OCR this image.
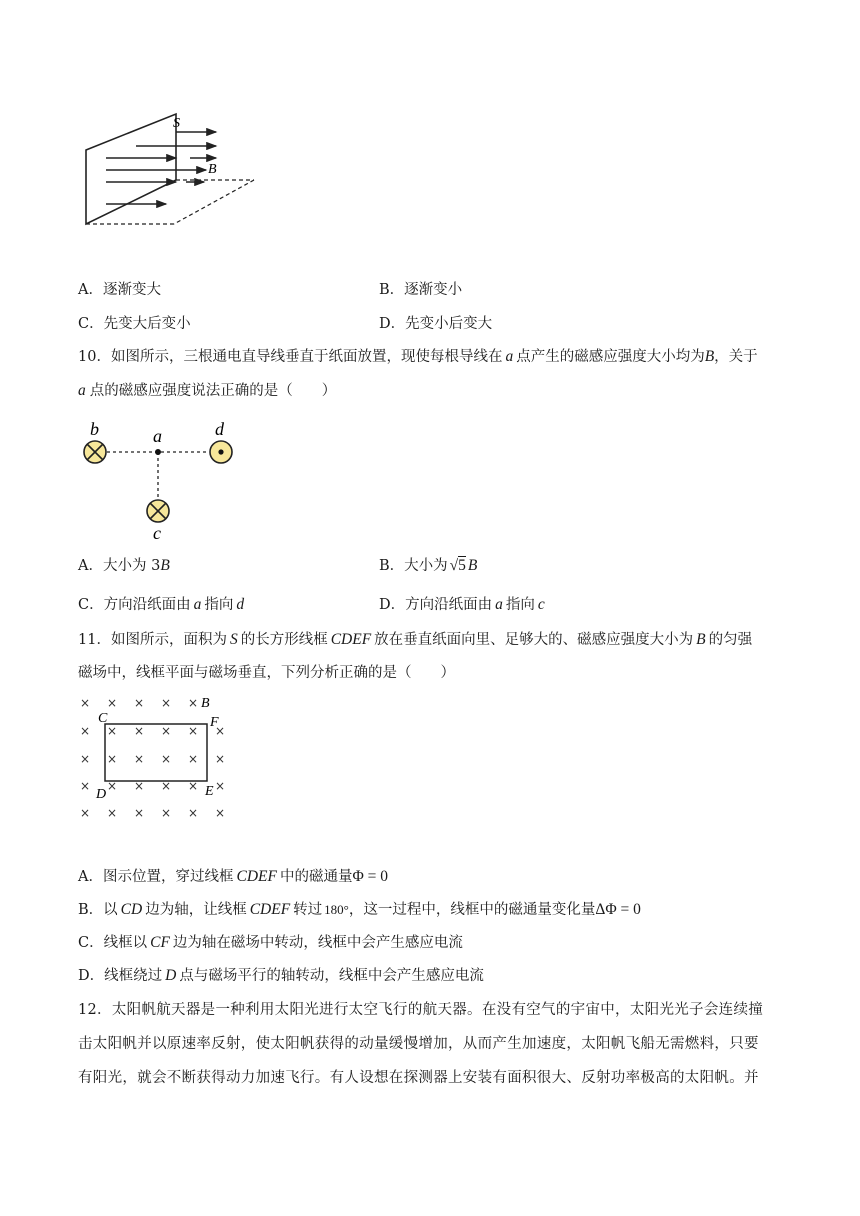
S
B
A．逐渐变大	B．逐渐变小
C．先变大后变小	D．先变小后变大
10．如图所示，三根通电直导线垂直于纸面放置，现使每根导线在 a 点产生的磁感应强度大小均为B，关于
a 点的磁感应强度说法正确的是（　　）
b	a	d
c
A．大小为 3B	B．大小为 √5 B
C．方向沿纸面由 a 指向 d	D．方向沿纸面由 a 指向 c
11．如图所示，面积为 S 的长方形线框 CDEF 放在垂直纸面向里、足够大的、磁感应强度大小为 B 的匀强
磁场中，线框平面与磁场垂直，下列分析正确的是（　　）
B
C	F
D	E
× × × × ×
× × × × × ×
× × × × × ×
× × × × × ×
× × × × × ×
A．图示位置，穿过线框 CDEF 中的磁通量Φ = 0
B．以 CD 边为轴，让线框 CDEF 转过 180°，这一过程中，线框中的磁通量变化量ΔΦ = 0
C．线框以 CF 边为轴在磁场中转动，线框中会产生感应电流
D．线框绕过 D 点与磁场平行的轴转动，线框中会产生感应电流
12．太阳帆航天器是一种利用太阳光进行太空飞行的航天器。在没有空气的宇宙中，太阳光光子会连续撞
击太阳帆并以原速率反射，使太阳帆获得的动量缓慢增加，从而产生加速度，太阳帆飞船无需燃料，只要
有阳光，就会不断获得动力加速飞行。有人设想在探测器上安装有面积很大、反射功率极高的太阳帆。并
